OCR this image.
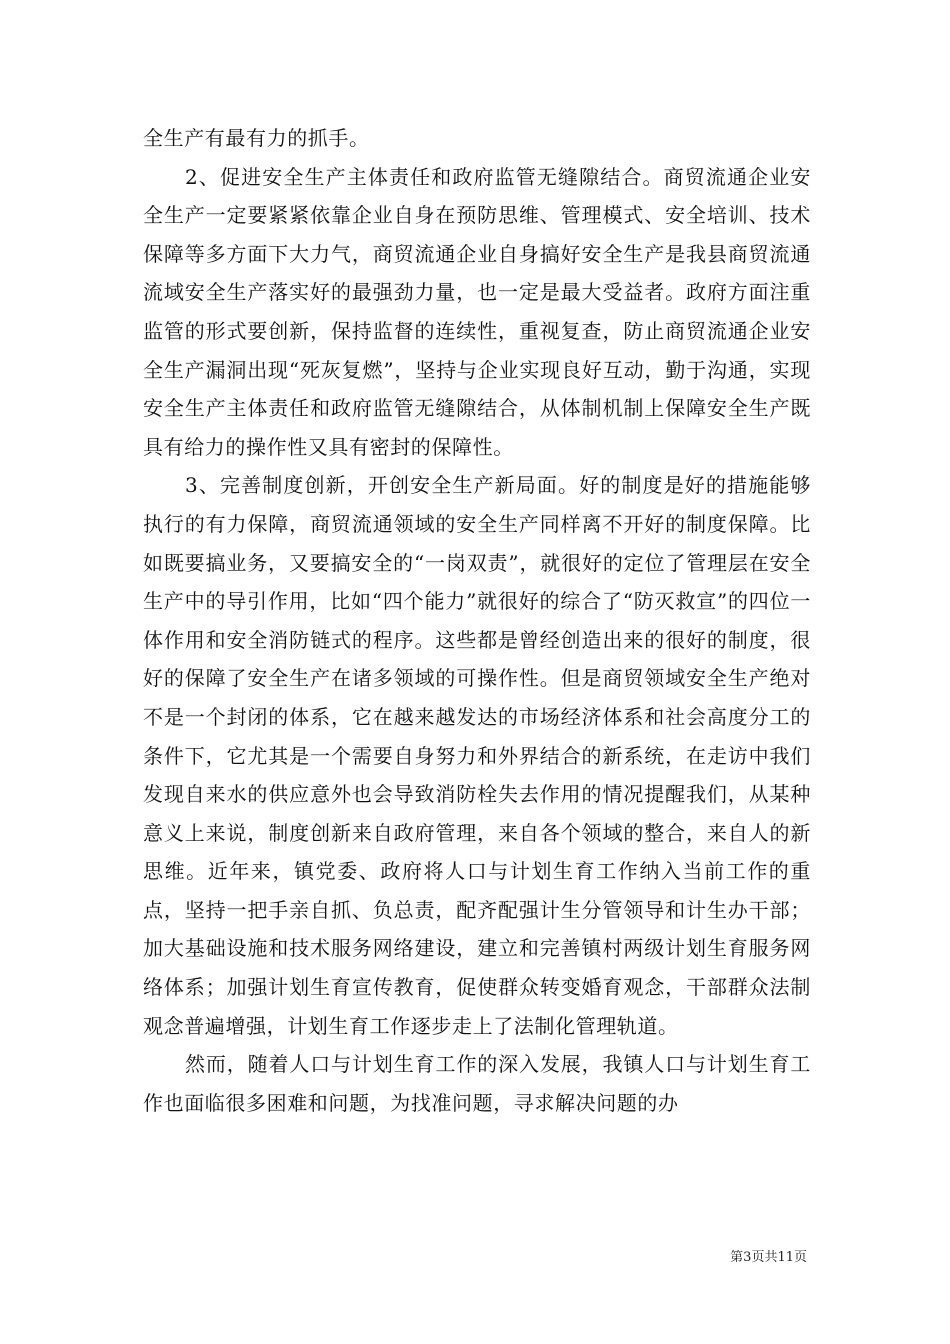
全生产有最有力的抓手。

2、促进安全生产主体责任和政府监管无缝隙结合。商贸流通企业安全生产一定要紧紧依靠企业自身在预防思维、管理模式、安全培训、技术保障等多方面下大力气，商贸流通企业自身搞好安全生产是我县商贸流通流域安全生产落实好的最强劲力量，也一定是最大受益者。政府方面注重监管的形式要创新，保持监督的连续性，重视复查，防止商贸流通企业安全生产漏洞出现“死灰复燃”，坚持与企业实现良好互动，勤于沟通，实现安全生产主体责任和政府监管无缝隙结合，从体制机制上保障安全生产既具有给力的操作性又具有密封的保障性。

3、完善制度创新，开创安全生产新局面。好的制度是好的措施能够执行的有力保障，商贸流通领域的安全生产同样离不开好的制度保障。比如既要搞业务，又要搞安全的“一岗双责”，就很好的定位了管理层在安全生产中的导引作用，比如“四个能力”就很好的综合了“防灭救宣”的四位一体作用和安全消防链式的程序。这些都是曾经创造出来的很好的制度，很好的保障了安全生产在诸多领域的可操作性。但是商贸领域安全生产绝对不是一个封闭的体系，它在越来越发达的市场经济体系和社会高度分工的条件下，它尤其是一个需要自身努力和外界结合的新系统，在走访中我们发现自来水的供应意外也会导致消防栓失去作用的情况提醒我们，从某种意义上来说，制度创新来自政府管理，来自各个领域的整合，来自人的新思维。近年来，镇党委、政府将人口与计划生育工作纳入当前工作的重点，坚持一把手亲自抓、负总责，配齐配强计生分管领导和计生办干部；加大基础设施和技术服务网络建设，建立和完善镇村两级计划生育服务网络体系；加强计划生育宣传教育，促使群众转变婚育观念，干部群众法制观念普遍增强，计划生育工作逐步走上了法制化管理轨道。

然而，随着人口与计划生育工作的深入发展，我镇人口与计划生育工作也面临很多困难和问题，为找准问题，寻求解决问题的办

第3页共11页
